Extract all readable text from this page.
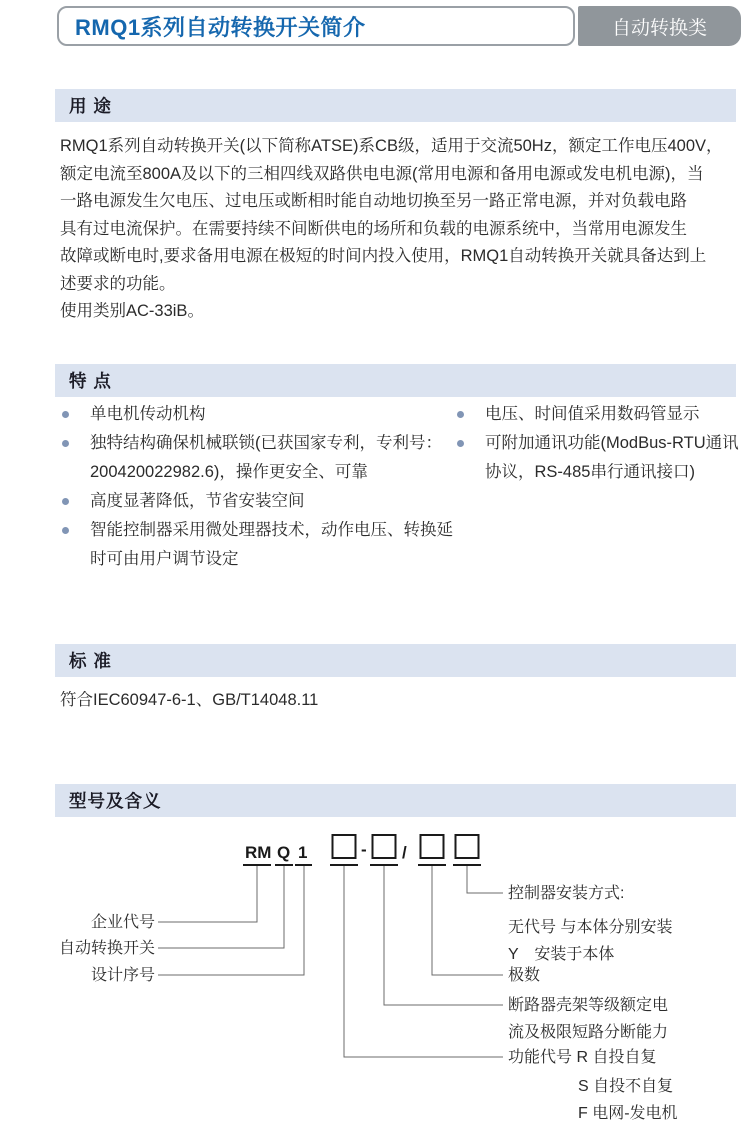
RMQ1系列自动转换开关简介	自动转换类
用 途
RMQ1系列自动转换开关(以下简称ATSE)系CB级，适用于交流50Hz，额定工作电压400V，
额定电流至800A及以下的三相四线双路供电电源(常用电源和备用电源或发电机电源)，当
一路电源发生欠电压、过电压或断相时能自动地切换至另一路正常电源，并对负载电路
具有过电流保护。在需要持续不间断供电的场所和负载的电源系统中，当常用电源发生
故障或断电时,要求备用电源在极短的时间内投入使用，RMQ1自动转换开关就具备达到上
述要求的功能。
使用类别AC-33iB。
特 点
单电机传动机构
独特结构确保机械联锁(已获国家专利，专利号：200420022982.6)，操作更安全、可靠
高度显著降低，节省安装空间
智能控制器采用微处理器技术，动作电压、转换延时可由用户调节设定
电压、时间值采用数码管显示
可附加通讯功能(ModBus-RTU通讯协议，RS-485串行通讯接口)
标 准
符合IEC60947-6-1、GB/T14048.11
型号及含义
RM Q 1	- /
企业代号
自动转换开关
设计序号
控制器安装方式:
无代号 与本体分别安装
Y　安装于本体
极数
断路器壳架等级额定电
流及极限短路分断能力
功能代号 R 自投自复
S 自投不自复
F 电网-发电机
